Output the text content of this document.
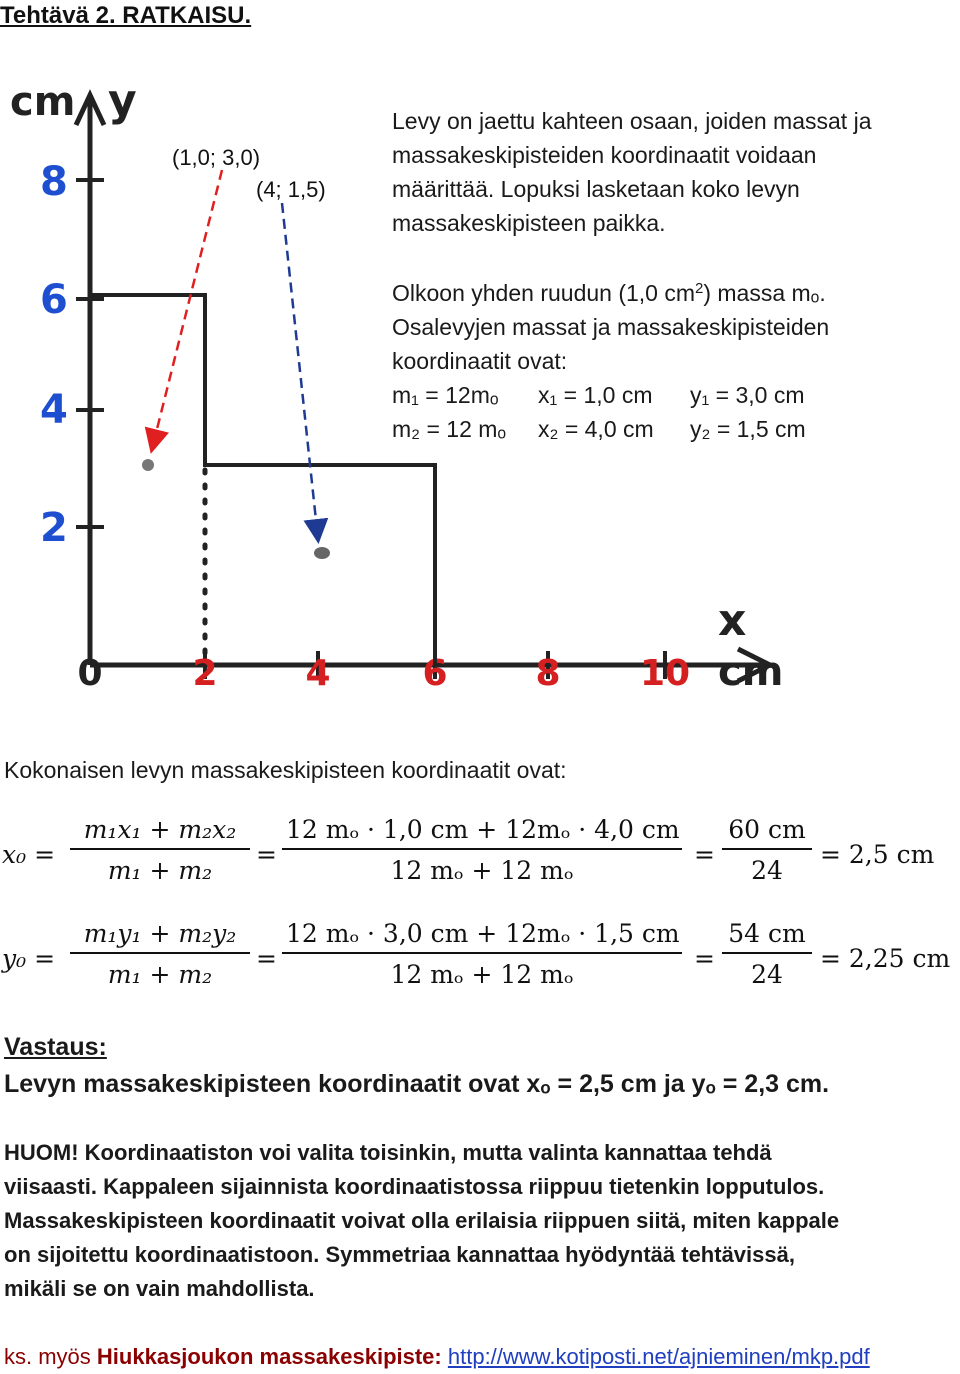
Tehtävä 2. RATKAISU.
8
6
4
2
0 2 4	6 8 10
cm y
x
cm
(1,0; 3,0)
(4; 1,5)
Levy on jaettu kahteen osaan, joiden massat ja
massakeskipisteiden koordinaatit voidaan
määrittää. Lopuksi lasketaan koko levyn
massakeskipisteen paikka.
Olkoon yhden ruudun (1,0 $cm^2$) massa mₒ.
Osalevyjen massat ja massakeskipisteiden
koordinaatit ovat:
m₁ = 12mₒ x₁ = 1,0 cm y₁ = 3,0 cm
m₂ = 12 mₒ x₂ = 4,0 cm y₂ = 1,5 cm
Kokonaisen levyn massakeskipisteen koordinaatit ovat:
$x_0 = \frac{\text{m₁x₁ + m₂x₂}}{\text{m₁ + m₂}} = \frac{\text{12 mₒ · 1,0 cm + 12mₒ · 4,0 cm}}{\text{12 mₒ + 12 mₒ}} = \frac{60 cm}{24} = 2,5$ cm
$y_0 = \frac{\text{m₁y₁ + m₂y₂}}{\text{m₁ + m₂}} = \frac{\text{12 mₒ · 3,0 cm + 12mₒ · 1,5 cm}}{\text{12 mₒ + 12 mₒ}} = \frac{54 cm}{24} = 2,25$ cm
Vastaus:
Levyn massakeskipisteen koordinaatit ovat xₒ = 2,5 cm ja yₒ = 2,3 cm.
HUOM! Koordinaatiston voi valita toisinkin, mutta valinta kannattaa tehdä
viisaasti. Kappaleen sijainnista koordinaatistossa riippuu tietenkin lopputulos.
Massakeskipisteen koordinaatit voivat olla erilaisia riippuen siitä, miten kappale
on sijoitettu koordinaatistoon. Symmetriaa kannattaa hyödyntää tehtävissä,
mikäli se on vain mahdollista.
ks. myös Hiukkasjoukon massakeskipiste: http://www.kotiposti.net/ajnieminen/mkp.pdf
